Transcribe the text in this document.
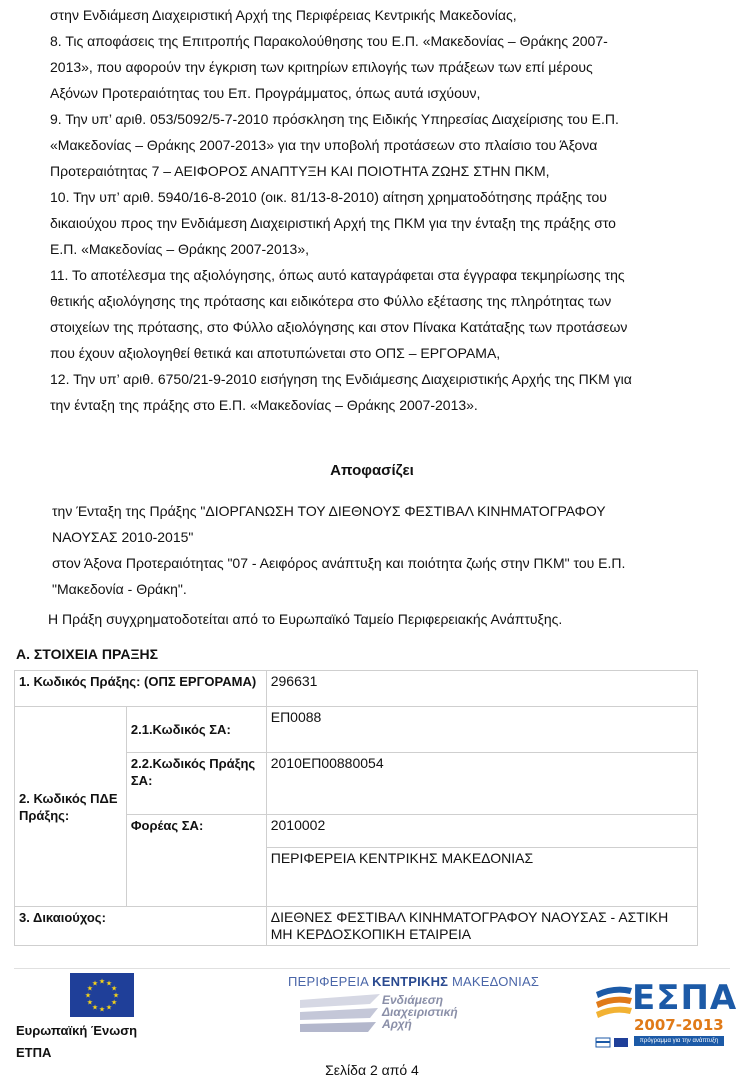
στην Ενδιάμεση Διαχειριστική Αρχή της Περιφέρειας Κεντρικής Μακεδονίας,
8. Τις αποφάσεις της Επιτροπής Παρακολούθησης του Ε.Π. «Μακεδονίας – Θράκης 2007-
2013», που αφορούν την έγκριση των κριτηρίων επιλογής των πράξεων των επί μέρους
Αξόνων Προτεραιότητας του Επ. Προγράμματος, όπως αυτά ισχύουν,
9. Την υπ’ αριθ. 053/5092/5-7-2010 πρόσκληση της Ειδικής Υπηρεσίας Διαχείρισης του Ε.Π.
«Μακεδονίας – Θράκης 2007-2013» για την υποβολή προτάσεων στο πλαίσιο του Άξονα
Προτεραιότητας 7 – ΑΕΙΦΟΡΟΣ ΑΝΑΠΤΥΞΗ ΚΑΙ ΠΟΙΟΤΗΤΑ ΖΩΗΣ ΣΤΗΝ ΠΚΜ,
10. Την υπ’ αριθ. 5940/16-8-2010 (οικ. 81/13-8-2010) αίτηση χρηματοδότησης πράξης του
δικαιούχου προς την Ενδιάμεση Διαχειριστική Αρχή της ΠΚΜ για την ένταξη της πράξης στο
Ε.Π. «Μακεδονίας – Θράκης 2007-2013»,
11. Το αποτέλεσμα της αξιολόγησης, όπως αυτό καταγράφεται στα έγγραφα τεκμηρίωσης της
θετικής αξιολόγησης της πρότασης και ειδικότερα στο Φύλλο εξέτασης της πληρότητας των
στοιχείων της πρότασης, στο Φύλλο αξιολόγησης και στον Πίνακα Κατάταξης των προτάσεων
που έχουν αξιολογηθεί θετικά και αποτυπώνεται στο ΟΠΣ – ΕΡΓΟΡΑΜΑ,
12. Την υπ’ αριθ. 6750/21-9-2010 εισήγηση της Ενδιάμεσης Διαχειριστικής Αρχής της ΠΚΜ για
την ένταξη της πράξης στο Ε.Π. «Μακεδονίας – Θράκης 2007-2013».
Αποφασίζει
την Ένταξη της Πράξης "ΔΙΟΡΓΑΝΩΣΗ ΤΟΥ ΔΙΕΘΝΟΥΣ ΦΕΣΤΙΒΑΛ ΚΙΝΗΜΑΤΟΓΡΑΦΟΥ
ΝΑΟΥΣΑΣ 2010-2015"
στον Άξονα Προτεραιότητας "07 - Αειφόρος ανάπτυξη και ποιότητα ζωής στην ΠΚΜ" του Ε.Π.
"Μακεδονία - Θράκη".
Η Πράξη συγχρηματοδοτείται από το Ευρωπαϊκό Ταμείο Περιφερειακής Ανάπτυξης.
Α. ΣΤΟΙΧΕΙΑ ΠΡΑΞΗΣ
1. Κωδικός Πράξης: (ΟΠΣ ΕΡΓΟΡΑΜΑ)		296631
2. Κωδικός ΠΔΕ Πράξης:	2.1.Κωδικός ΣΑ:	ΕΠ0088
	2.2.Κωδικός Πράξης ΣΑ:	2010ΕΠ00880054
	Φορέας ΣΑ:	2010002
ΠΕΡΙΦΕΡΕΙΑ ΚΕΝΤΡΙΚΗΣ ΜΑΚΕΔΟΝΙΑΣ

3. Δικαιούχος:		ΔΙΕΘΝΕΣ ΦΕΣΤΙΒΑΛ ΚΙΝΗΜΑΤΟΓΡΑΦΟΥ ΝΑΟΥΣΑΣ - ΑΣΤΙΚΗ ΜΗ ΚΕΡΔΟΣΚΟΠΙΚΗ ΕΤΑΙΡΕΙΑ
★ ★
★
★
★
★
★
★
★
★
★
★
Ευρωπαϊκή Ένωση
ΕΤΠΑ
ΠΕΡΙΦΕΡΕΙΑ ΚΕΝΤΡΙΚΗΣ ΜΑΚΕΔΟΝΙΑΣ
Ενδιάμεση
Διαχειριστική
Αρχή
ΕΣΠΑ
2007-2013
πρόγραμμα για την ανάπτυξη
Σελίδα 2 από 4
